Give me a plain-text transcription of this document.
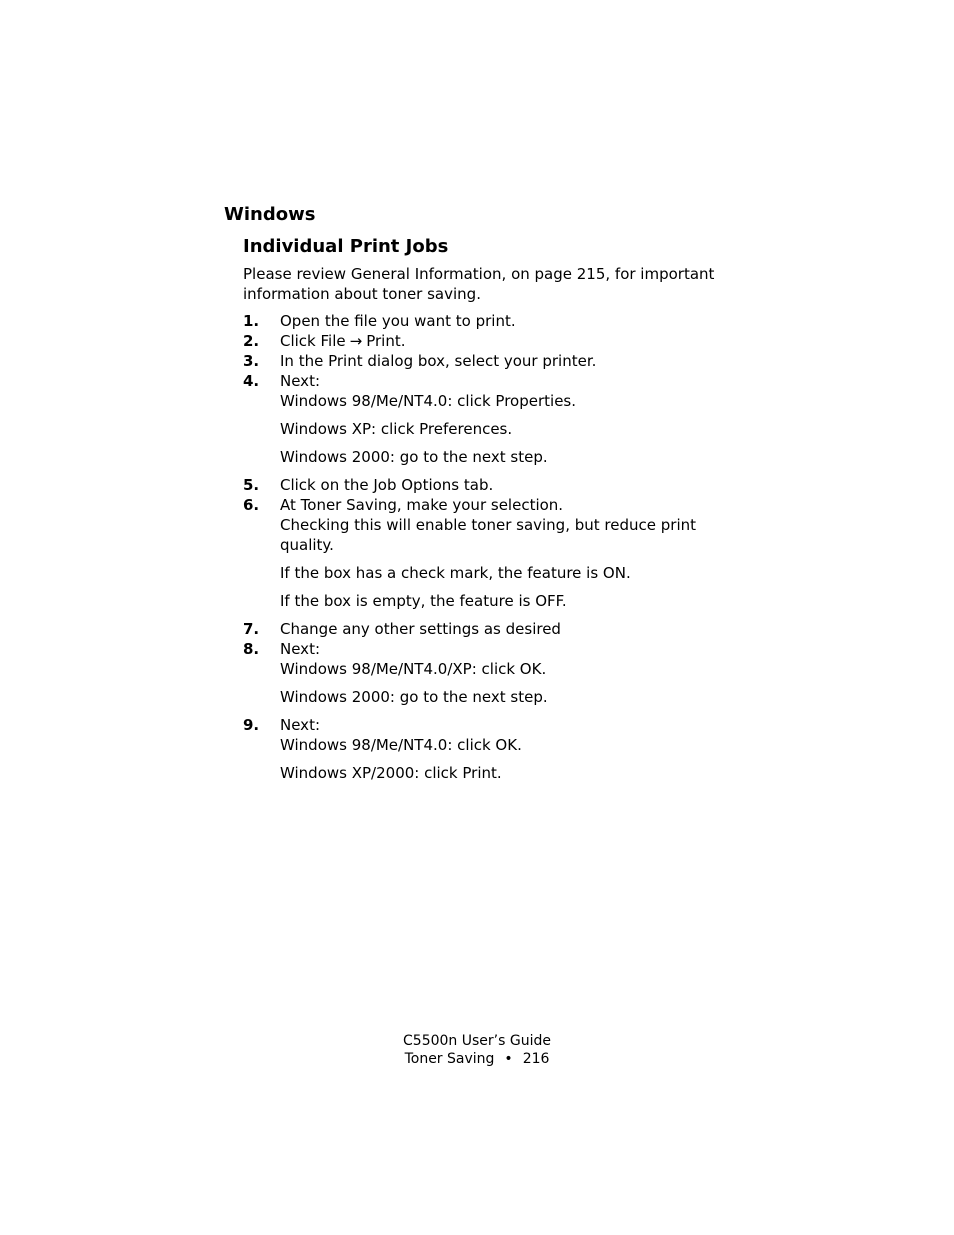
Windows
Individual Print Jobs

Please review General Information, on page 215, for important
information about toner saving.

1. Open the file you want to print.
2. Click File → Print.
3. In the Print dialog box, select your printer.
4. Next:
Windows 98/Me/NT4.0: click Properties.
Windows XP: click Preferences.
Windows 2000: go to the next step.
5. Click on the Job Options tab.
6. At Toner Saving, make your selection.
Checking this will enable toner saving, but reduce print quality.
If the box has a check mark, the feature is ON.
If the box is empty, the feature is OFF.
7. Change any other settings as desired
8. Next:
Windows 98/Me/NT4.0/XP: click OK.
Windows 2000: go to the next step.
9. Next:
Windows 98/Me/NT4.0: click OK.
Windows XP/2000: click Print.
C5500n User’s Guide
Toner Saving • 216
